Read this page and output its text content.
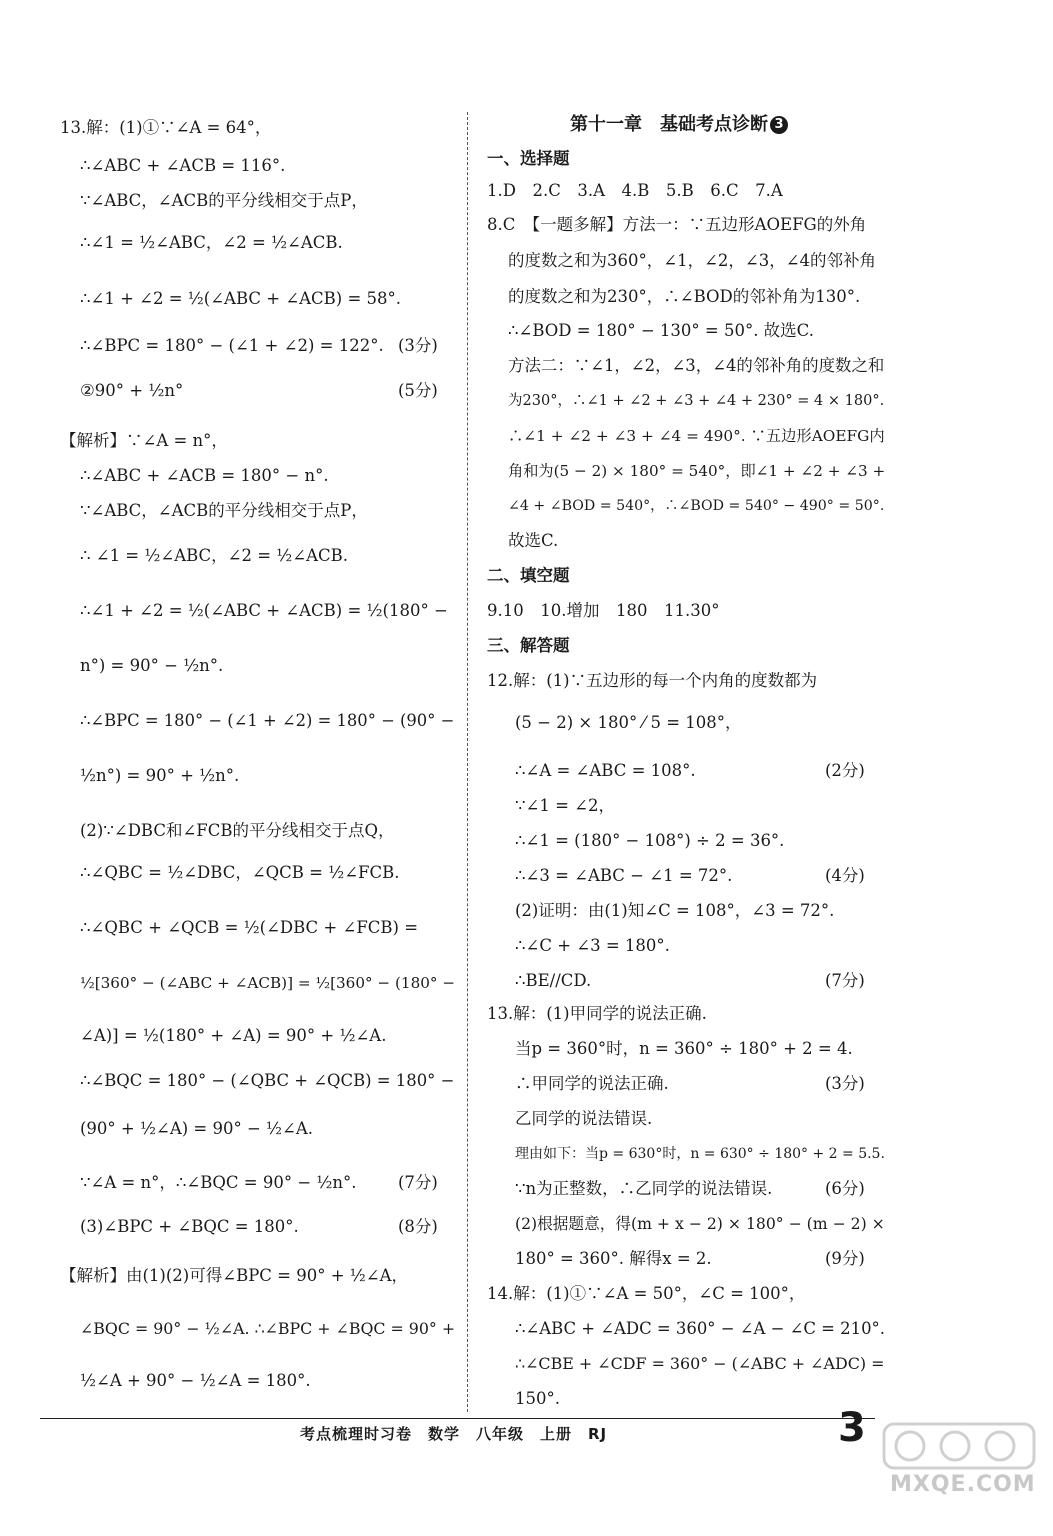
13.解：(1)①∵∠A = 64°，
∴∠ABC + ∠ACB = 116°.
∵∠ABC，∠ACB的平分线相交于点P，
∴∠1 = ½∠ABC，∠2 = ½∠ACB.
∴∠1 + ∠2 = ½(∠ABC + ∠ACB) = 58°.
∴∠BPC = 180° − (∠1 + ∠2) = 122°.
②90° + ½n°
【解析】∵∠A = n°，
∴∠ABC + ∠ACB = 180° − n°.
∵∠ABC，∠ACB的平分线相交于点P，
∴ ∠1 = ½∠ABC，∠2 = ½∠ACB.
∴∠1 + ∠2 = ½(∠ABC + ∠ACB) = ½(180° −
n°) = 90° − ½n°.
∴∠BPC = 180° − (∠1 + ∠2) = 180° − (90° −
½n°) = 90° + ½n°.
(2)∵∠DBC和∠FCB的平分线相交于点Q，
∴∠QBC = ½∠DBC，∠QCB = ½∠FCB.
∴∠QBC + ∠QCB = ½(∠DBC + ∠FCB) =
½[360° − (∠ABC + ∠ACB)] = ½[360° − (180° −
∠A)] = ½(180° + ∠A) = 90° + ½∠A.
∴∠BQC = 180° − (∠QBC + ∠QCB) = 180° −
(90° + ½∠A) = 90° − ½∠A.
∵∠A = n°，∴∠BQC = 90° − ½n°.
(3)∠BPC + ∠BQC = 180°.
【解析】由(1)(2)可得∠BPC = 90° + ½∠A，
∠BQC = 90° − ½∠A. ∴∠BPC + ∠BQC = 90° +
½∠A + 90° − ½∠A = 180°.
(3分)
(5分)
(7分)
(8分)
第十一章　基础考点诊断 3
一、选择题
1.D　2.C　3.A　4.B　5.B　6.C　7.A
8.C　【一题多解】方法一：∵五边形AOEFG的外角
的度数之和为360°，∠1，∠2，∠3，∠4的邻补角
的度数之和为230°，∴∠BOD的邻补角为130°.
∴∠BOD = 180° − 130° = 50°. 故选C.
方法二：∵∠1，∠2，∠3，∠4的邻补角的度数之和
为230°，∴∠1 + ∠2 + ∠3 + ∠4 + 230° = 4 × 180°.
∴∠1 + ∠2 + ∠3 + ∠4 = 490°. ∵五边形AOEFG内
角和为(5 − 2) × 180° = 540°，即∠1 + ∠2 + ∠3 +
∠4 + ∠BOD = 540°，∴∠BOD = 540° − 490° = 50°.
故选C.
二、填空题
9.10　10.增加　180　11.30°
三、解答题
12.解：(1)∵五边形的每一个内角的度数都为
(5 − 2) × 180° ⁄ 5 = 108°，
∴∠A = ∠ABC = 108°.
∵∠1 = ∠2，
∴∠1 = (180° − 108°) ÷ 2 = 36°.
∴∠3 = ∠ABC − ∠1 = 72°.
(2)证明：由(1)知∠C = 108°，∠3 = 72°.
∴∠C + ∠3 = 180°.
∴BE//CD.
13.解：(1)甲同学的说法正确.
当p = 360°时，n = 360° ÷ 180° + 2 = 4.
∴甲同学的说法正确.
乙同学的说法错误.
理由如下：当p = 630°时，n = 630° ÷ 180° + 2 = 5.5.
∵n为正整数，∴乙同学的说法错误.
(2)根据题意，得(m + x − 2) × 180° − (m − 2) ×
180° = 360°. 解得x = 2.
14.解：(1)①∵∠A = 50°，∠C = 100°，
∴∠ABC + ∠ADC = 360° − ∠A − ∠C = 210°.
∴∠CBE + ∠CDF = 360° − (∠ABC + ∠ADC) =
150°.
(2分)
(4分)
(7分)
(3分)
(6分)
(9分)
考点梳理时习卷　数学　八年级　上册　RJ	3
MXQE.COM
